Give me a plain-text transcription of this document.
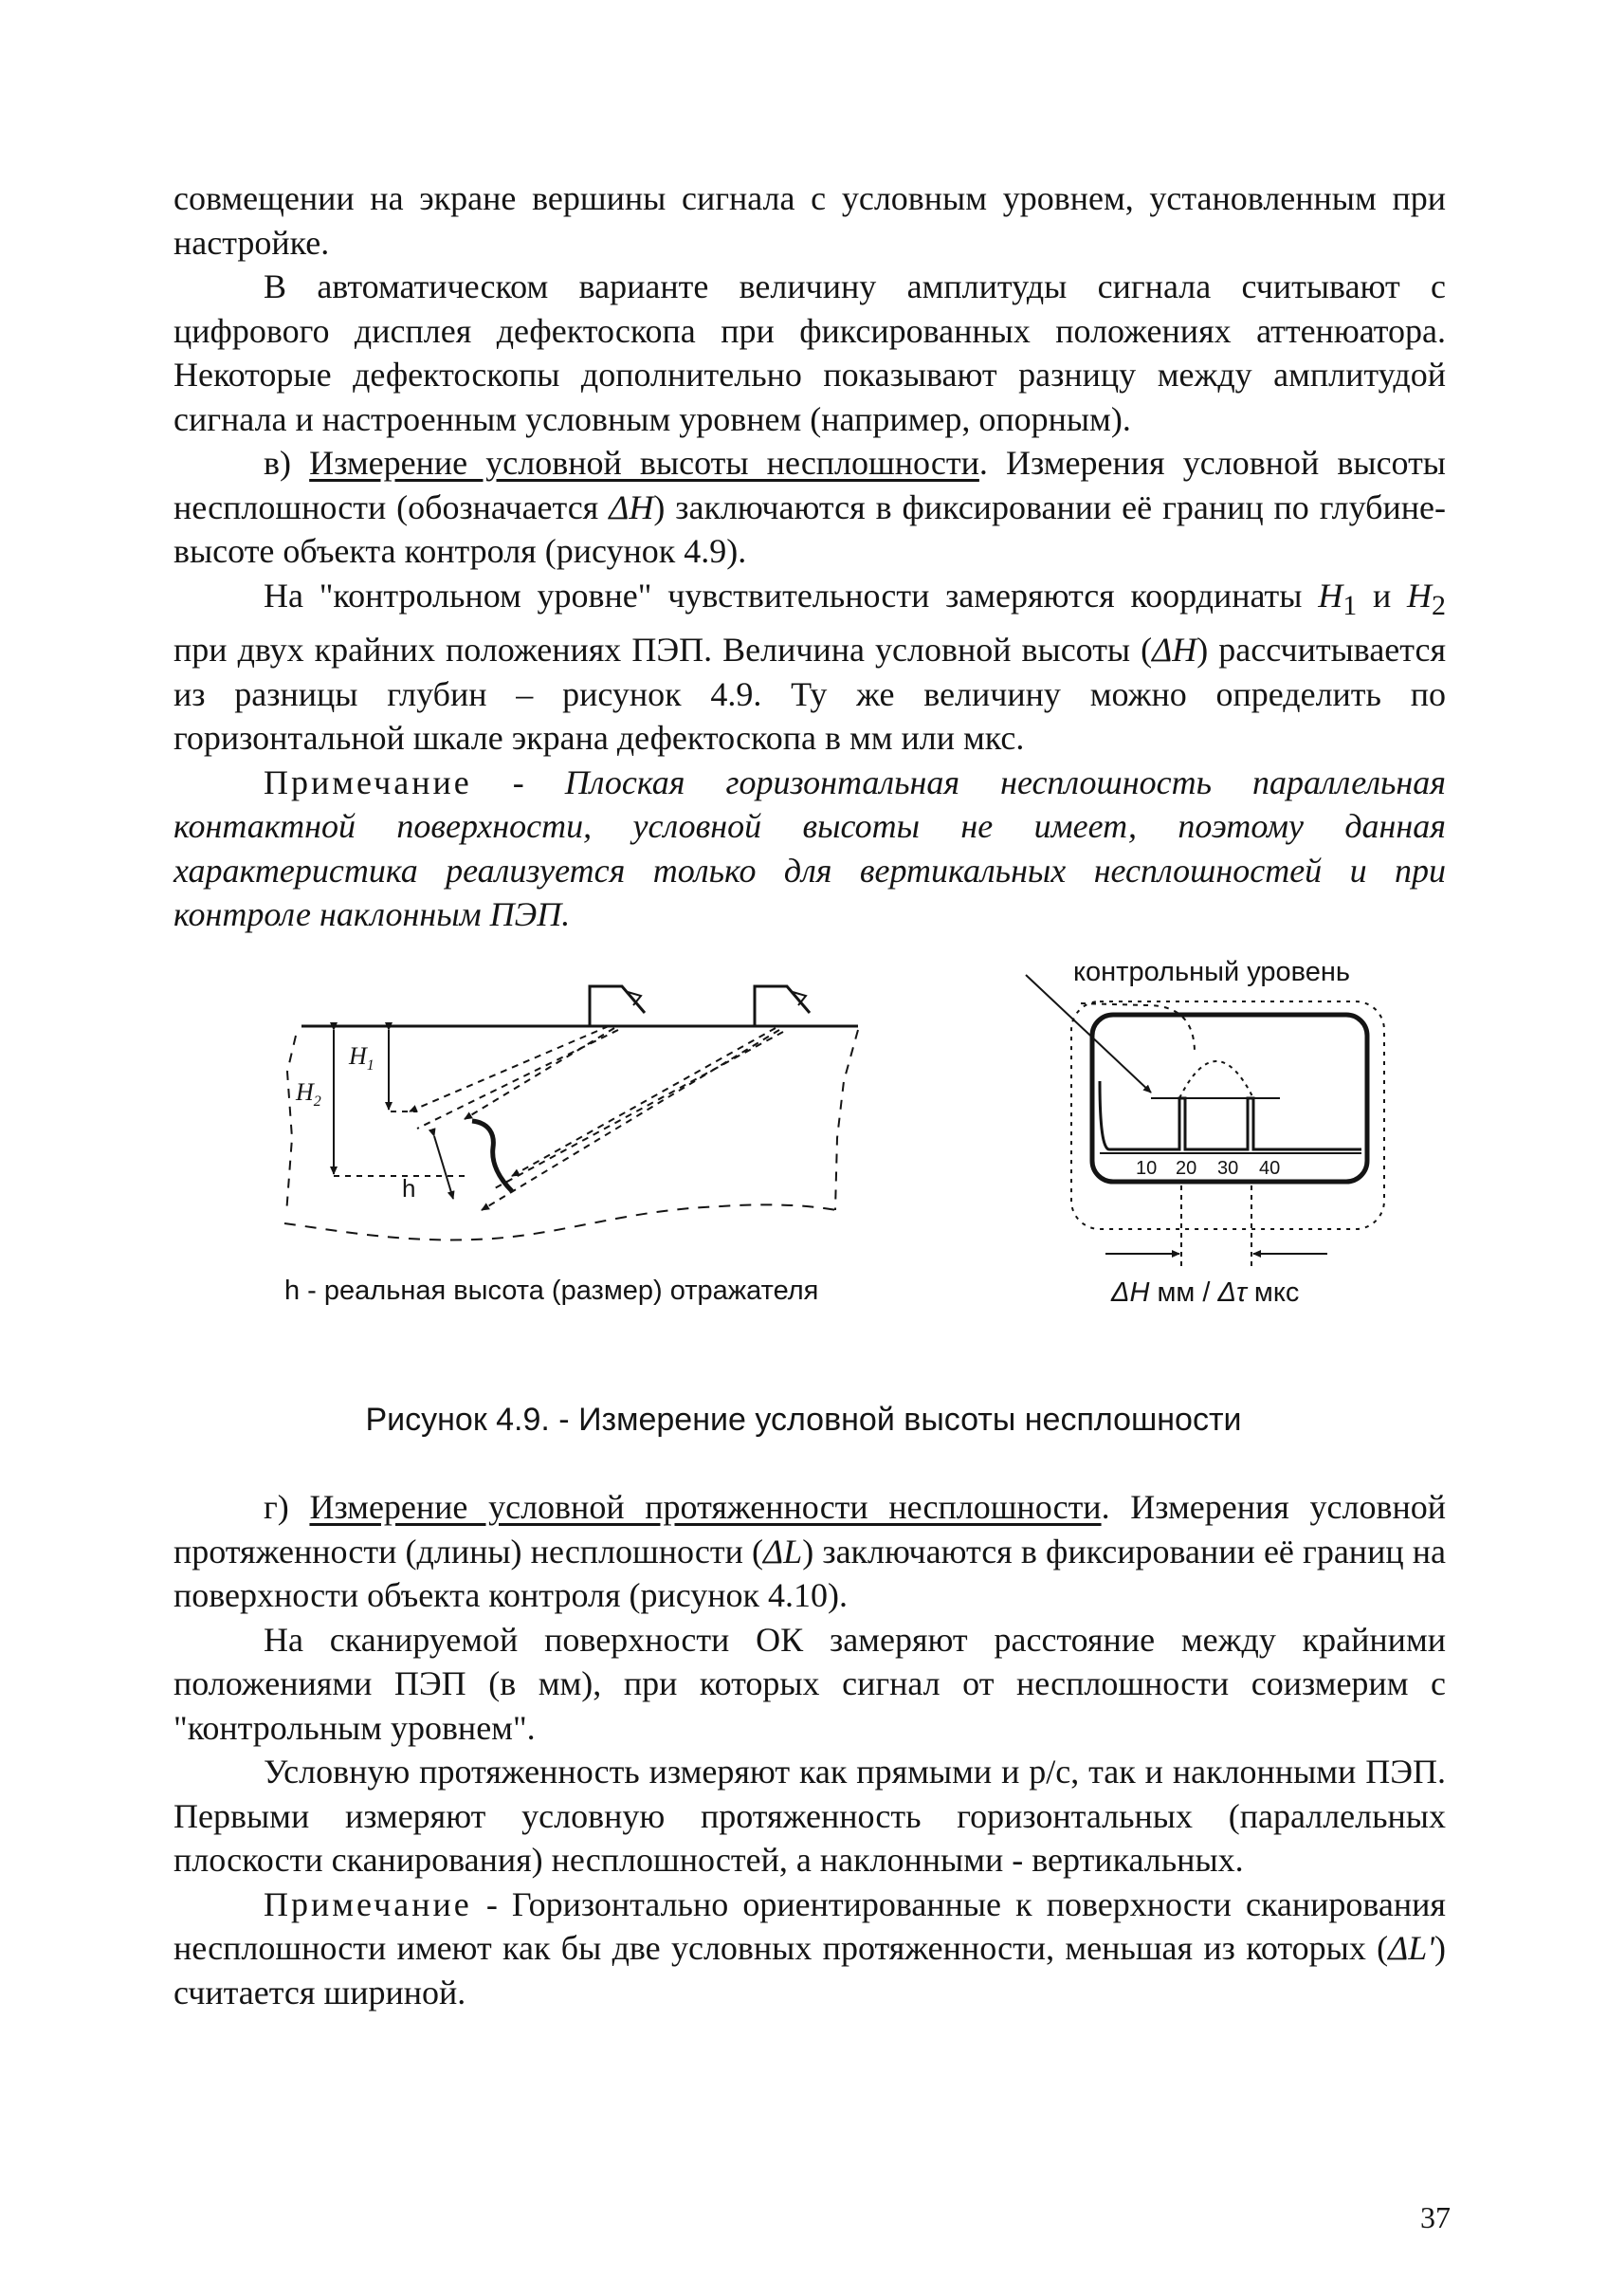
совмещении на экране вершины сигнала с условным уровнем, установленным при настройке.

В автоматическом варианте величину амплитуды сигнала считывают с цифрового дисплея дефектоскопа при фиксированных положениях аттенюатора. Некоторые дефектоскопы дополнительно показывают разницу между амплитудой сигнала и настроенным условным уровнем (например, опорным).

в) Измерение условной высоты несплошности. Измерения условной высоты несплошности (обозначается ΔH) заключаются в фиксировании её границ по глубине-высоте объекта контроля (рисунок 4.9).

На "контрольном уровне" чувствительности замеряются координаты $H_1$ и $H_2$ при двух крайних положениях ПЭП. Величина условной высоты (ΔH) рассчитывается из разницы глубин – рисунок 4.9. Ту же величину можно определить по горизонтальной шкале экрана дефектоскопа в мм или мкс.

Примечание - Плоская горизонтальная несплошность параллельная контактной поверхности, условной высоты не имеет, поэтому данная характеристика реализуется только для вертикальных несплошностей и при контроле наклонным ПЭП.

$H_1$
$H_2$
h
h - реальная высота (размер) отражателя
контрольный уровень
10 20 30 40
ΔH мм / Δτ мкс
Рисунок 4.9. - Измерение условной высоты несплошности

г) Измерение условной протяженности несплошности. Измерения условной протяженности (длины) несплошности (ΔL) заключаются в фиксировании её границ на поверхности объекта контроля (рисунок 4.10).

На сканируемой поверхности ОК замеряют расстояние между крайними положениями ПЭП (в мм), при которых сигнал от несплошности соизмерим с "контрольным уровнем".

Условную протяженность измеряют как прямыми и р/с, так и наклонными ПЭП. Первыми измеряют условную протяженность горизонтальных (параллельных плоскости сканирования) несплошностей, а наклонными - вертикальных.

Примечание - Горизонтально ориентированные к поверхности сканирования несплошности имеют как бы две условных протяженности, меньшая из которых (ΔL') считается шириной.

37
